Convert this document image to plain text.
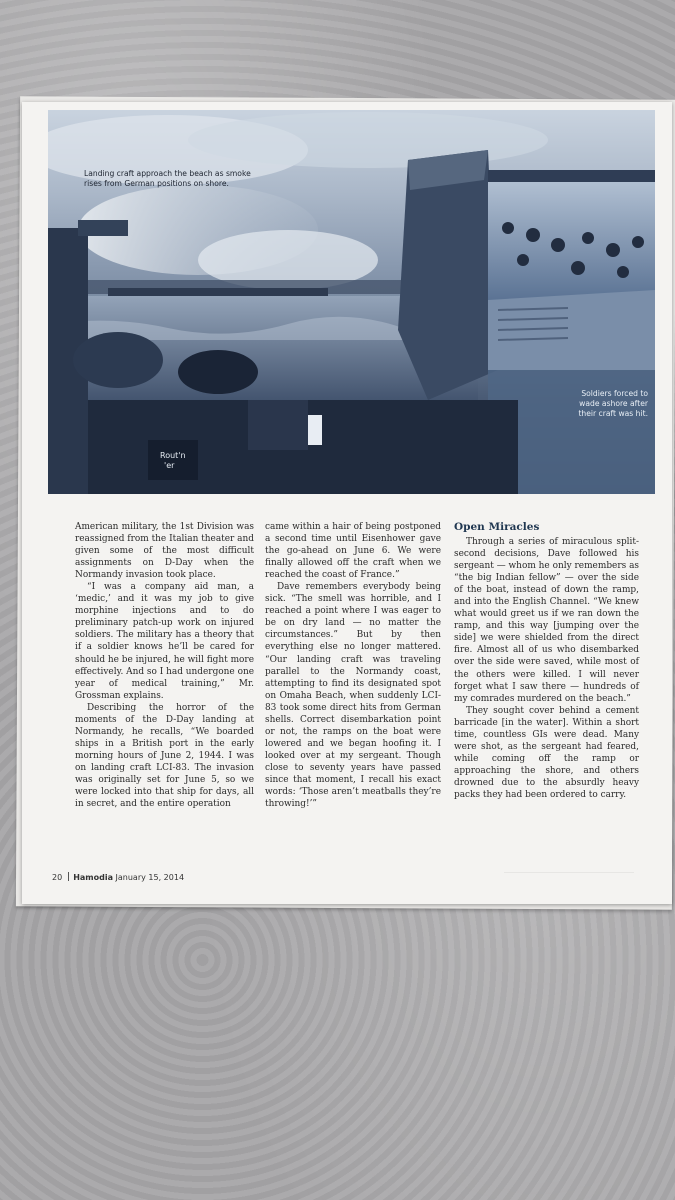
Rout'n
'er
Landing craft approach the beach as smoke rises from German positions on shore.
Soldiers forced to wade ashore after their craft was hit.

American military, the 1st Division was reassigned from the Italian theater and given some of the most difficult assignments on D-Day when the Normandy invasion took place.

“I was a company aid man, a ‘medic,’ and it was my job to give morphine injections and to do preliminary patch-up work on injured soldiers. The military has a theory that if a soldier knows he’ll be cared for should he be injured, he will fight more effectively. And so I had undergone one year of medical training,” Mr. Grossman explains.

Describing the horror of the moments of the D-Day landing at Normandy, he recalls, “We boarded ships in a British port in the early morning hours of June 2, 1944. I was on landing craft LCI-83. The invasion was originally set for June 5, so we were locked into that ship for days, all in secret, and the entire operation

came within a hair of being postponed a second time until Eisenhower gave the go-ahead on June 6. We were finally allowed off the craft when we reached the coast of France.”

Dave remembers everybody being sick. “The smell was horrible, and I reached a point where I was eager to be on dry land — no matter the circumstances.” But by then everything else no longer mattered. “Our landing craft was traveling parallel to the Normandy coast, attempting to find its designated spot on Omaha Beach, when suddenly LCI-83 took some direct hits from German shells. Correct disembarkation point or not, the ramps on the boat were lowered and we began hoofing it. I looked over at my sergeant. Though close to seventy years have passed since that moment, I recall his exact words: ‘Those aren’t meatballs they’re throwing!’”

Open Miracles

Through a series of miraculous split-second decisions, Dave followed his sergeant — whom he only remembers as “the big Indian fellow” — over the side of the boat, instead of down the ramp, and into the English Channel. “We knew what would greet us if we ran down the ramp, and this way [jumping over the side] we were shielded from the direct fire. Almost all of us who disembarked over the side were saved, while most of the others were killed. I will never forget what I saw there — hundreds of my comrades murdered on the beach.”

They sought cover behind a cement barricade [in the water]. Within a short time, countless GIs were dead. Many were shot, as the sergeant had feared, while coming off the ramp or approaching the shore, and others drowned due to the absurdly heavy packs they had been ordered to carry.

20 Hamodia January 15, 2014
